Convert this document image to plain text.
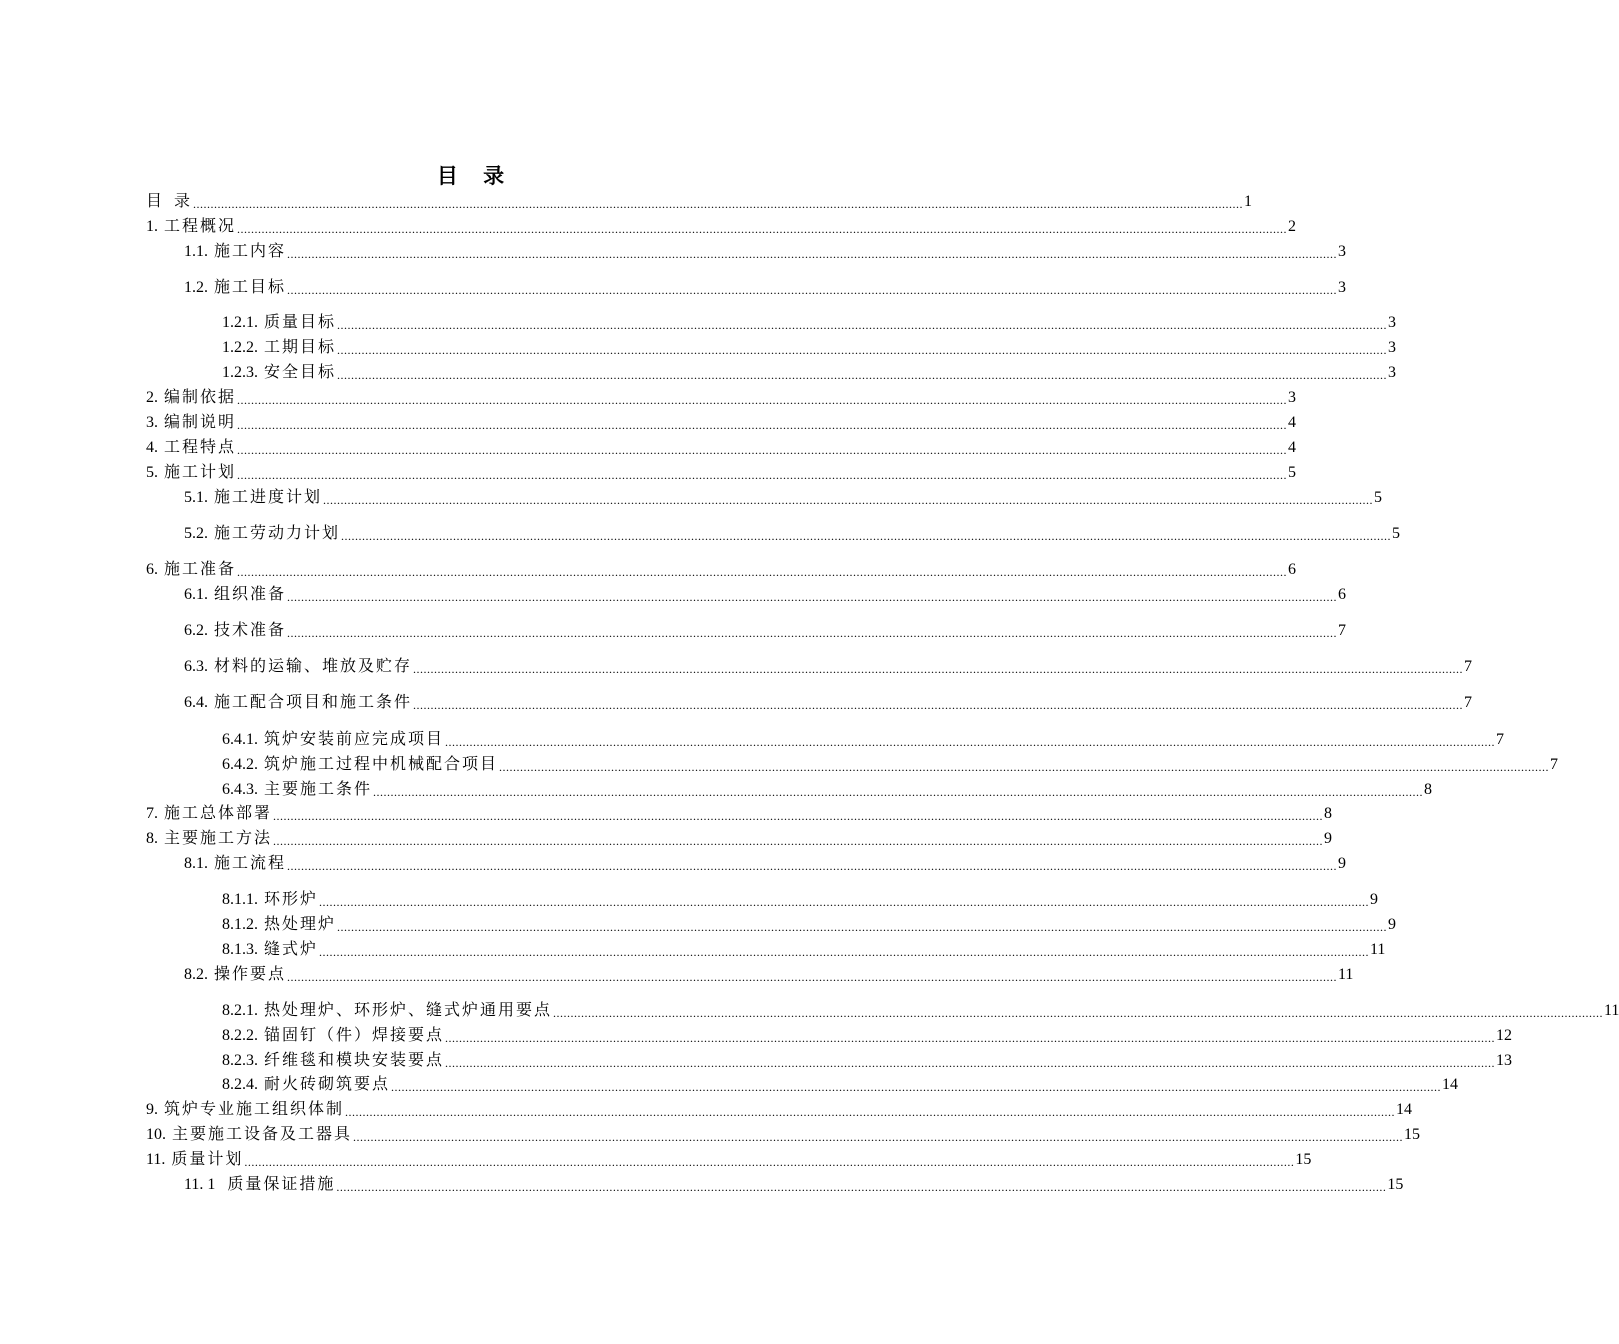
目 录
目 录 ............................................................................................................................................................................................................................................................................................................ 1
1. 工程概况 ............................................................................................................................................................................................................................................................................................................ 2
1.1. 施工内容 ............................................................................................................................................................................................................................................................................................................ 3
1.2. 施工目标 ............................................................................................................................................................................................................................................................................................................ 3
1.2.1. 质量目标 ............................................................................................................................................................................................................................................................................................................ 3
1.2.2. 工期目标 ............................................................................................................................................................................................................................................................................................................ 3
1.2.3. 安全目标 ............................................................................................................................................................................................................................................................................................................ 3
2. 编制依据 ............................................................................................................................................................................................................................................................................................................ 3
3. 编制说明 ............................................................................................................................................................................................................................................................................................................ 4
4. 工程特点 ............................................................................................................................................................................................................................................................................................................ 4
5. 施工计划 ............................................................................................................................................................................................................................................................................................................ 5
5.1. 施工进度计划 ............................................................................................................................................................................................................................................................................................................ 5
5.2. 施工劳动力计划 ............................................................................................................................................................................................................................................................................................................ 5
6. 施工准备 ............................................................................................................................................................................................................................................................................................................ 6
6.1. 组织准备 ............................................................................................................................................................................................................................................................................................................ 6
6.2. 技术准备 ............................................................................................................................................................................................................................................................................................................ 7
6.3. 材料的运输、堆放及贮存 ............................................................................................................................................................................................................................................................................................................ 7
6.4. 施工配合项目和施工条件 ............................................................................................................................................................................................................................................................................................................ 7
6.4.1. 筑炉安装前应完成项目 ............................................................................................................................................................................................................................................................................................................ 7
6.4.2. 筑炉施工过程中机械配合项目 ............................................................................................................................................................................................................................................................................................................ 7
6.4.3. 主要施工条件 ............................................................................................................................................................................................................................................................................................................ 8
7. 施工总体部署 ............................................................................................................................................................................................................................................................................................................ 8
8. 主要施工方法 ............................................................................................................................................................................................................................................................................................................ 9
8.1. 施工流程 ............................................................................................................................................................................................................................................................................................................ 9
8.1.1. 环形炉 ............................................................................................................................................................................................................................................................................................................ 9
8.1.2. 热处理炉 ............................................................................................................................................................................................................................................................................................................ 9
8.1.3. 缝式炉 ............................................................................................................................................................................................................................................................................................................ 11
8.2. 操作要点 ............................................................................................................................................................................................................................................................................................................ 11
8.2.1. 热处理炉、环形炉、缝式炉通用要点 ............................................................................................................................................................................................................................................................................................................ 11
8.2.2. 锚固钉（件）焊接要点 ............................................................................................................................................................................................................................................................................................................ 12
8.2.3. 纤维毯和模块安装要点 ............................................................................................................................................................................................................................................................................................................ 13
8.2.4. 耐火砖砌筑要点 ............................................................................................................................................................................................................................................................................................................ 14
9. 筑炉专业施工组织体制 ............................................................................................................................................................................................................................................................................................................ 14
10. 主要施工设备及工器具 ............................................................................................................................................................................................................................................................................................................ 15
11. 质量计划 ............................................................................................................................................................................................................................................................................................................ 15
11. 1 质量保证措施 ............................................................................................................................................................................................................................................................................................................ 15
